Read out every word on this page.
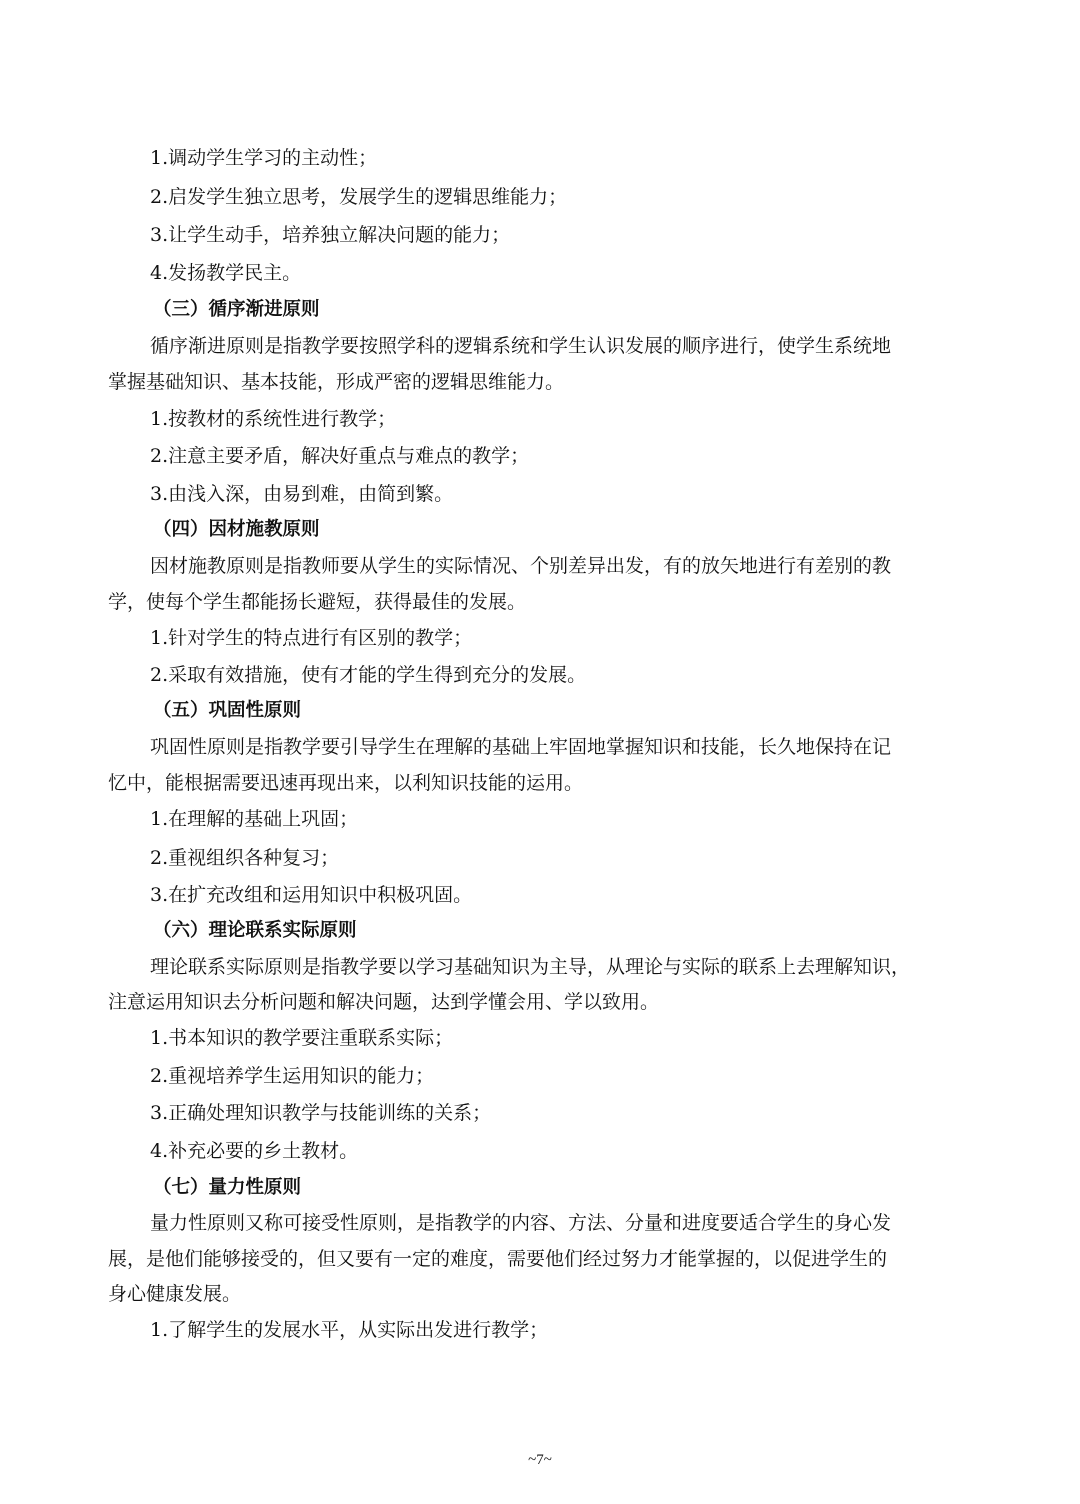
1.调动学生学习的主动性；
2.启发学生独立思考，发展学生的逻辑思维能力；
3.让学生动手，培养独立解决问题的能力；
4.发扬教学民主。
（三）循序渐进原则
循序渐进原则是指教学要按照学科的逻辑系统和学生认识发展的顺序进行，使学生系统地
掌握基础知识、基本技能，形成严密的逻辑思维能力。
1.按教材的系统性进行教学；
2.注意主要矛盾，解决好重点与难点的教学；
3.由浅入深，由易到难，由简到繁。
（四）因材施教原则
因材施教原则是指教师要从学生的实际情况、个别差异出发，有的放矢地进行有差别的教
学，使每个学生都能扬长避短，获得最佳的发展。
1.针对学生的特点进行有区别的教学；
2.采取有效措施，使有才能的学生得到充分的发展。
（五）巩固性原则
巩固性原则是指教学要引导学生在理解的基础上牢固地掌握知识和技能，长久地保持在记
忆中，能根据需要迅速再现出来，以利知识技能的运用。
1.在理解的基础上巩固；
2.重视组织各种复习；
3.在扩充改组和运用知识中积极巩固。
（六）理论联系实际原则
理论联系实际原则是指教学要以学习基础知识为主导，从理论与实际的联系上去理解知识，
注意运用知识去分析问题和解决问题，达到学懂会用、学以致用。
1.书本知识的教学要注重联系实际；
2.重视培养学生运用知识的能力；
3.正确处理知识教学与技能训练的关系；
4.补充必要的乡土教材。
（七）量力性原则
量力性原则又称可接受性原则，是指教学的内容、方法、分量和进度要适合学生的身心发
展，是他们能够接受的，但又要有一定的难度，需要他们经过努力才能掌握的，以促进学生的
身心健康发展。
1.了解学生的发展水平，从实际出发进行教学；
~7~
